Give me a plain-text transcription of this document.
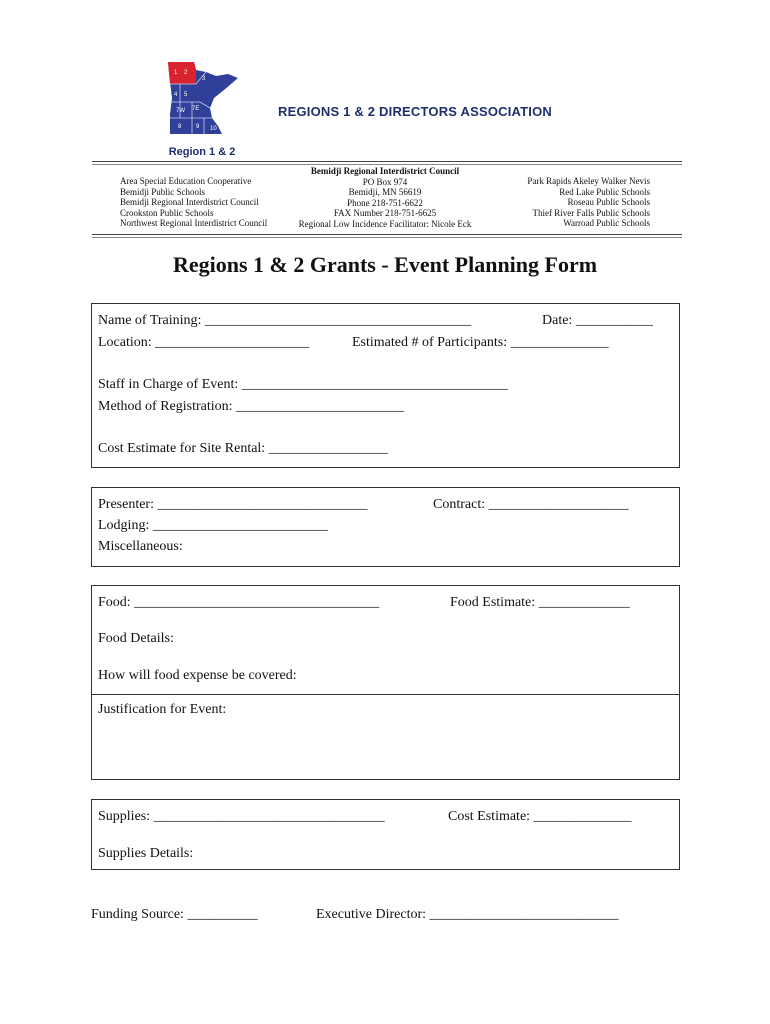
1 2
3
4 5
7E
7W
8 9 10
Region 1 & 2
REGIONS 1 & 2 DIRECTORS ASSOCIATION
Area Special Education Cooperative
Bemidji Public Schools
Bemidji Regional Interdistrict Council
Crookston Public Schools
Northwest Regional Interdistrict Council
Bemidji Regional Interdistrict Council
PO Box 974
Bemidji, MN 56619
Phone 218-751-6622
FAX Number 218-751-6625
Regional Low Incidence Facilitator: Nicole Eck
Park Rapids Akeley Walker Nevis
Red Lake Public Schools
Roseau Public Schools
Thief River Falls Public Schools
Warroad Public Schools
Regions 1 & 2 Grants - Event Planning Form
Name of Training: ______________________________________	Date: ___________
Location: ______________________	Estimated # of Participants: ______________
Staff in Charge of Event: ______________________________________
Method of Registration: ________________________
Cost Estimate for Site Rental: _________________
Presenter: ______________________________	Contract: ____________________
Lodging: _________________________
Miscellaneous:
Food: ___________________________________	Food Estimate: _____________
Food Details:
How will food expense be covered:
Justification for Event:
Supplies: _________________________________	Cost Estimate: ______________
Supplies Details:
Funding Source: __________	Executive Director: ___________________________
